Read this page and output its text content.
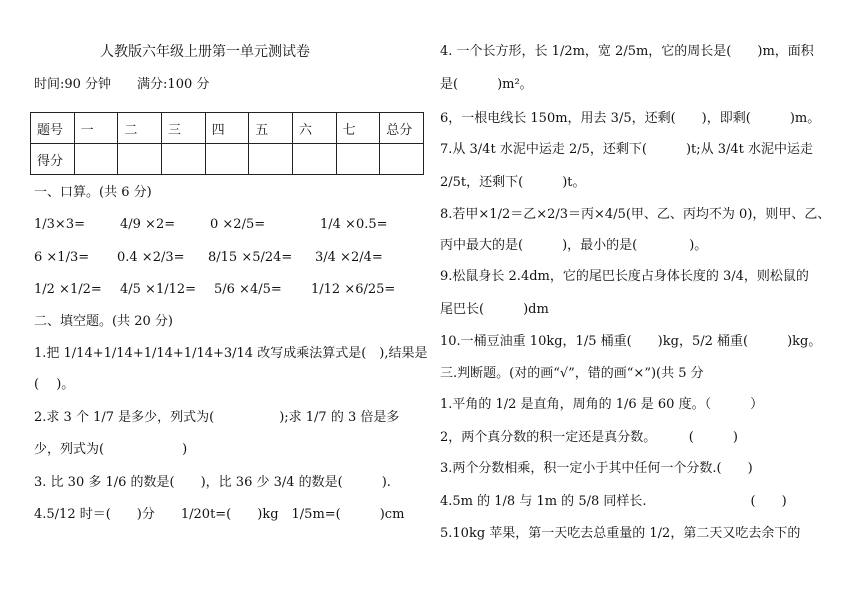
人教版六年级上册第一单元测试卷
时间:90 分钟　　满分:100 分
题号	一	二	三	四	五	六	七	总分
得分								
一、口算。(共 6 分)
1/3×3=	4/9 ×2=	0 ×2/5=	1/4 ×0.5=
6 ×1/3= 0.4 ×2/3= 8/15 ×5/24= 3/4 ×2/4=
1/2 ×1/2= 4/5 ×1/12= 5/6 ×4/5= 1/12 ×6/25=
二、填空题。(共 20 分)
1.把 1/14+1/14+1/14+1/14+3/14 改写成乘法算式是(　),结果是
(　 )。
2.求 3 个 1/7 是多少，列式为(　　　　　);求 1/7 的 3 倍是多
少，列式为(　　　　　　)
3. 比 30 多 1/6 的数是(　　)，比 36 少 3/4 的数是(　　　).
4.5/12 时＝(　　)分　　1/20t=(　　)kg　1/5m=(　　　)cm
4. 一个长方形，长 1/2m，宽 2/5m，它的周长是(　　)m，面积
是(　　　)m²。
6，一根电线长 150m，用去 3/5，还剩(　　)，即剩(　　　)m。
7.从 3/4t 水泥中运走 2/5，还剩下(　　　)t;从 3/4t 水泥中运走
2/5t，还剩下(　　　)t。
8.若甲×1/2＝乙×2/3＝丙×4/5(甲、乙、丙均不为 0)，则甲、乙、
丙中最大的是(　　　)，最小的是(　　　　)。
9.松鼠身长 2.4dm，它的尾巴长度占身体长度的 3/4，则松鼠的
尾巴长(　　　)dm
10.一桶豆油重 10kg，1/5 桶重(　　)kg，5/2 桶重(　　　)kg。
三.判断题。(对的画“√”，错的画“×”)(共 5 分
1.平角的 1/2 是直角，周角的 1/6 是 60 度。（　　　）
2，两个真分数的积一定还是真分数。　　　(　　　)
3.两个分数相乘，积一定小于其中任何一个分数.(　　)
4.5m 的 1/8 与 1m 的 5/8 同样长.　　　　　　　　(　　)
5.10kg 苹果，第一天吃去总重量的 1/2，第二天又吃去余下的
